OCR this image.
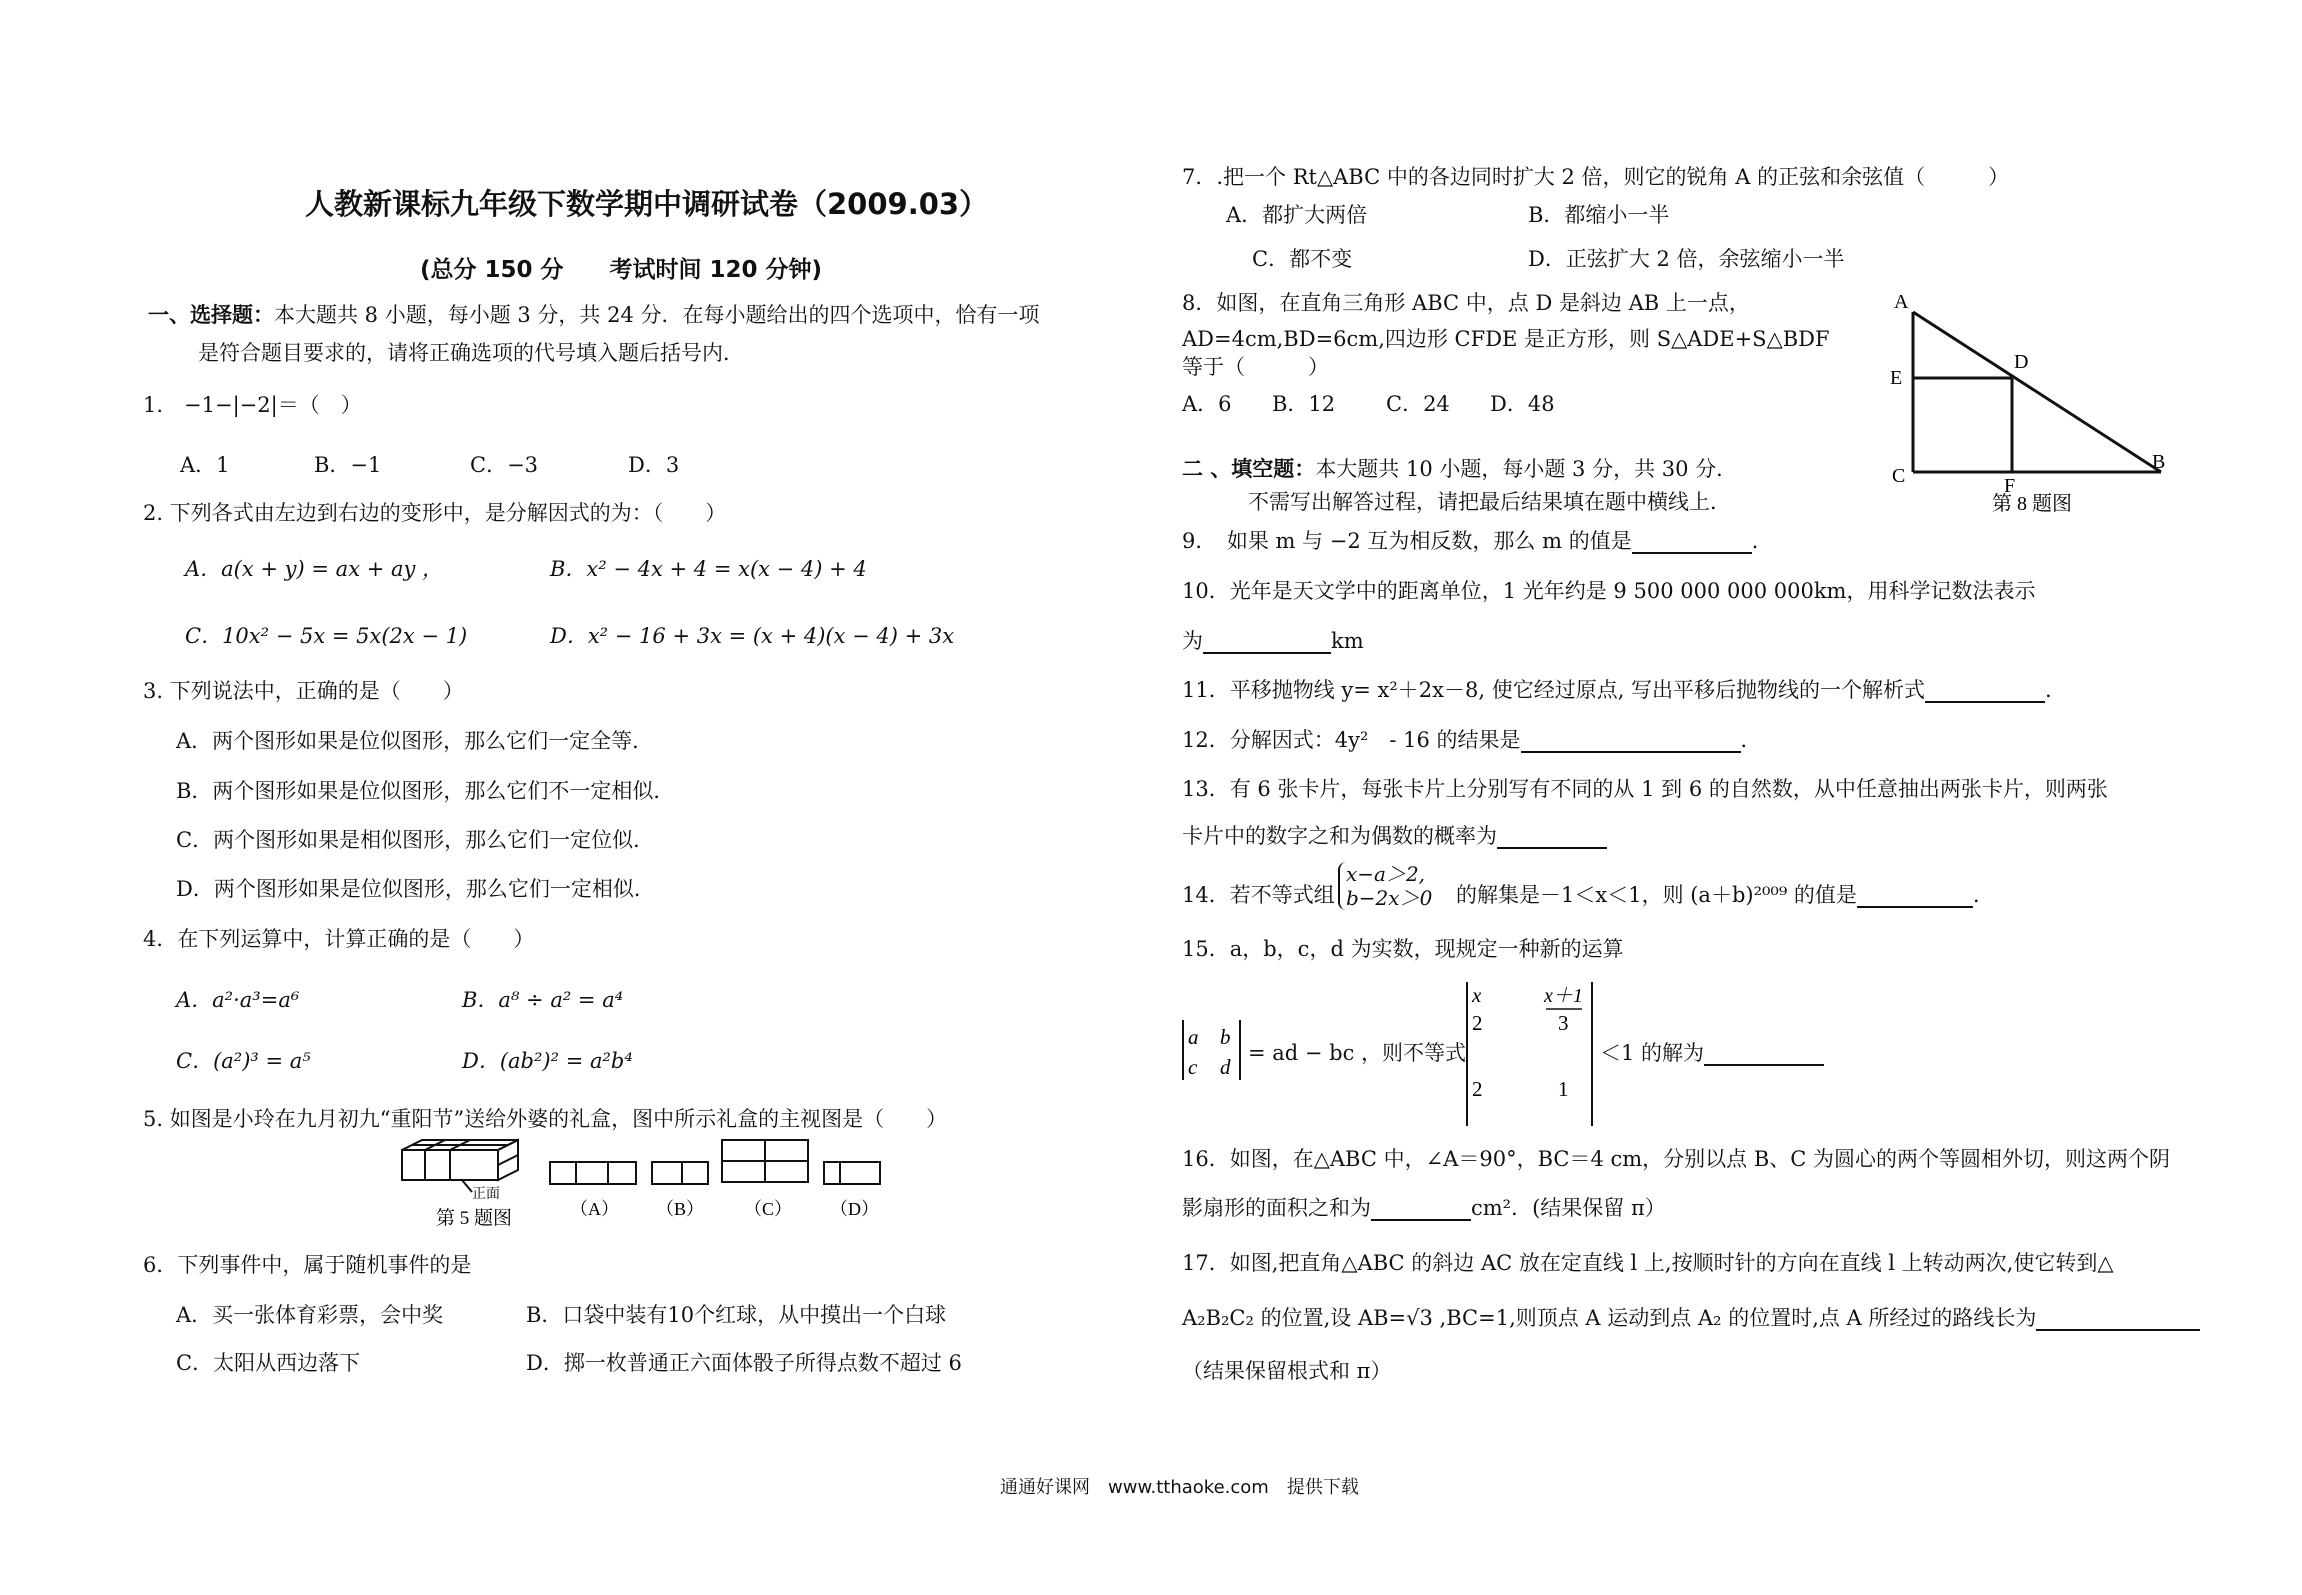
人教新课标九年级下数学期中调研试卷（2009.03）
(总分 150 分　　考试时间 120 分钟)
一、选择题：本大题共 8 小题，每小题 3 分，共 24 分．在每小题给出的四个选项中，恰有一项
是符合题目要求的，请将正确选项的代号填入题后括号内．
1.　−1−|−2|＝（　）
A．1	B．−1	C．−3	D．3
2. 下列各式由左边到右边的变形中，是分解因式的为：（　　）
A．a(x + y) = ax + ay ，	B．x² − 4x + 4 = x(x − 4) + 4
C．10x² − 5x = 5x(2x − 1)	D．x² − 16 + 3x = (x + 4)(x − 4) + 3x
3. 下列说法中，正确的是（　　）
A．两个图形如果是位似图形，那么它们一定全等．
B．两个图形如果是位似图形，那么它们不一定相似．
C．两个图形如果是相似图形，那么它们一定位似．
D．两个图形如果是位似图形，那么它们一定相似．
4．在下列运算中，计算正确的是（　　）
A．a²·a³=a⁶	B．a⁸ ÷ a² = a⁴
C．(a²)³ = a⁵	D．(ab²)² = a²b⁴
5. 如图是小玲在九月初九“重阳节”送给外婆的礼盒，图中所示礼盒的主视图是（　　）
正面
第 5 题图	（A） （B） （C） （D）
6．下列事件中，属于随机事件的是
A．买一张体育彩票，会中奖	B．口袋中装有10个红球，从中摸出一个白球
C．太阳从西边落下	D．掷一枚普通正六面体骰子所得点数不超过 6
7．.把一个 Rt△ABC 中的各边同时扩大 2 倍，则它的锐角 A 的正弦和余弦值（　　　）
A．都扩大两倍	B．都缩小一半
C．都不变	D．正弦扩大 2 倍，余弦缩小一半
8．如图，在直角三角形 ABC 中，点 D 是斜边 AB 上一点，
AD=4cm,BD=6cm,四边形 CFDE 是正方形，则 S△ADE+S△BDF
等于（　　　）
A．6 B．12 C．24 D．48
A
E
D
C	F
B
第 8 题图
二 、填空题：本大题共 10 小题，每小题 3 分，共 30 分．
不需写出解答过程，请把最后结果填在题中横线上．
9．　如果 m 与 −2 互为相反数，那么 m 的值是	．
10．光年是天文学中的距离单位，1 光年约是 9 500 000 000 000km，用科学记数法表示
为	km
11．平移抛物线 y= x²＋2x－8, 使它经过原点, 写出平移后抛物线的一个解析式	．
12．分解因式：4y²　- 16 的结果是	．
13．有 6 张卡片，每张卡片上分别写有不同的从 1 到 6 的自然数，从中任意抽出两张卡片，则两张
卡片中的数字之和为偶数的概率为
14．若不等式组
x−a＞2,
b−2x＞0 的解集是－1＜x＜1，则 (a＋b)²⁰⁰⁹ 的值是	．
15．a，b，c，d 为实数，现规定一种新的运算
a b
c d
= ad − bc ，则不等式
x	x＋1
2	3
2	1
＜1 的解为
16．如图，在△ABC 中，∠A＝90°，BC＝4 cm，分别以点 B、C 为圆心的两个等圆相外切，则这两个阴
影扇形的面积之和为	cm²．(结果保留 π）
17．如图,把直角△ABC 的斜边 AC 放在定直线 l 上,按顺时针的方向在直线 l 上转动两次,使它转到△
A₂B₂C₂ 的位置,设 AB=√3 ,BC=1,则顶点 A 运动到点 A₂ 的位置时,点 A 所经过的路线长为
（结果保留根式和 π）
通通好课网　www.tthaoke.com　提供下载
